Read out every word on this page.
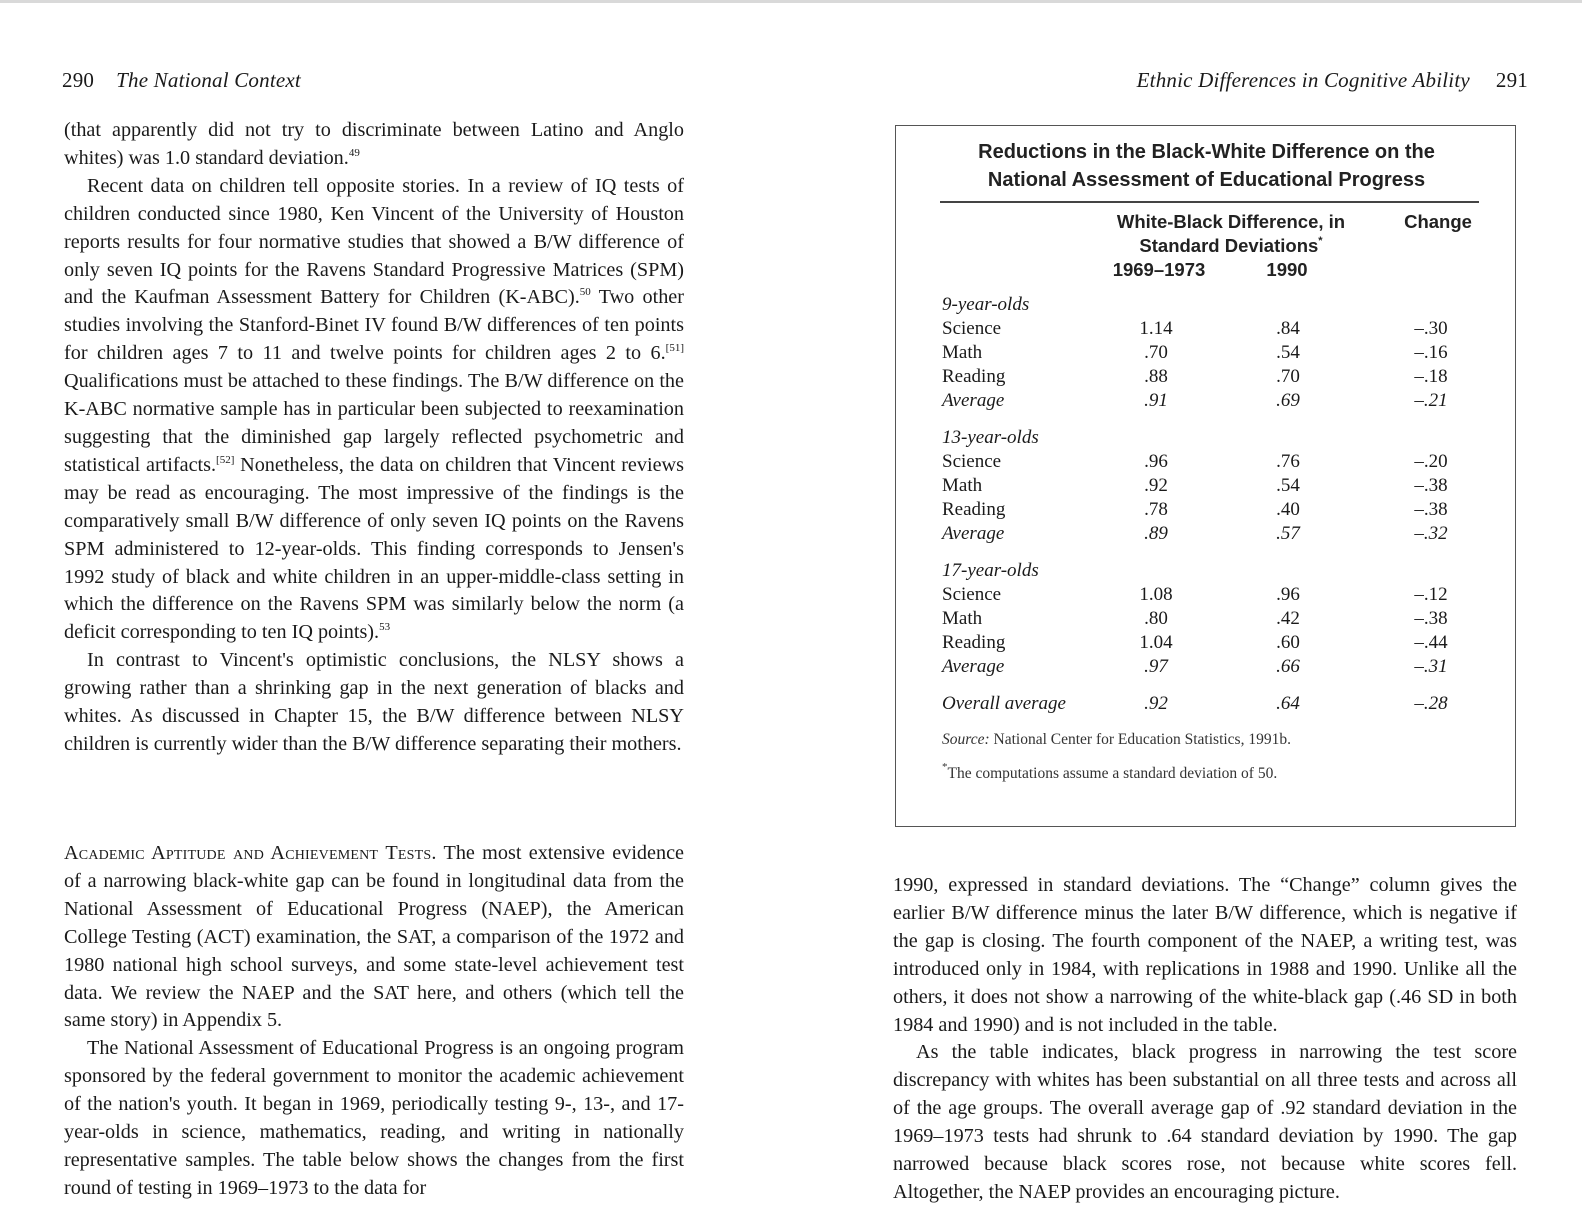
290 The National Context	Ethnic Differences in Cognitive Ability 291

(that apparently did not try to discriminate between Latino and Anglo whites) was 1.0 standard deviation.$^{49}$

Recent data on children tell opposite stories. In a review of IQ tests of children conducted since 1980, Ken Vincent of the University of Houston reports results for four normative studies that showed a B/W difference of only seven IQ points for the Ravens Standard Progressive Matrices (SPM) and the Kaufman Assessment Battery for Children (K-ABC).$^{50}$ Two other studies involving the Stanford-Binet IV found B/W differences of ten points for children ages 7 to 11 and twelve points for children ages 2 to 6.[51] Qualifications must be attached to these findings. The B/W difference on the K-ABC normative sample has in particular been subjected to reexamination suggesting that the diminished gap largely reflected psychometric and statistical artifacts.[52] Nonetheless, the data on children that Vincent reviews may be read as encouraging. The most impressive of the findings is the comparatively small B/W difference of only seven IQ points on the Ravens SPM administered to 12-year-olds. This finding corresponds to Jensen's 1992 study of black and white children in an upper-middle-class setting in which the difference on the Ravens SPM was similarly below the norm (a deficit corresponding to ten IQ points).$^{53}$

In contrast to Vincent's optimistic conclusions, the NLSY shows a growing rather than a shrinking gap in the next generation of blacks and whites. As discussed in Chapter 15, the B/W difference between NLSY children is currently wider than the B/W difference separating their mothers.

Academic Aptitude and Achievement Tests. The most extensive evidence of a narrowing black-white gap can be found in longitudinal data from the National Assessment of Educational Progress (NAEP), the American College Testing (ACT) examination, the SAT, a comparison of the 1972 and 1980 national high school surveys, and some state-level achievement test data. We review the NAEP and the SAT here, and others (which tell the same story) in Appendix 5.

The National Assessment of Educational Progress is an ongoing program sponsored by the federal government to monitor the academic achievement of the nation's youth. It began in 1969, periodically testing 9-, 13-, and 17-year-olds in science, mathematics, reading, and writing in nationally representative samples. The table below shows the changes from the first round of testing in 1969–1973 to the data for

Reductions in the Black-White Difference on the
National Assessment of Educational Progress
White-Black Difference, in
Standard Deviations*
Change
1969–1973	1990
9-year-olds
Science	1.14	.84	–.30
Math	.70	.54	–.16
Reading	.88	.70	–.18
Average	.91	.69	–.21
13-year-olds
Science	.96	.76	–.20
Math	.92	.54	–.38
Reading	.78	.40	–.38
Average	.89	.57	–.32
17-year-olds
Science	1.08	.96	–.12
Math	.80	.42	–.38
Reading	1.04	.60	–.44
Average	.97	.66	–.31
Overall average	.92	.64	–.28
Source: National Center for Education Statistics, 1991b.
*The computations assume a standard deviation of 50.

1990, expressed in standard deviations. The “Change” column gives the earlier B/W difference minus the later B/W difference, which is negative if the gap is closing. The fourth component of the NAEP, a writing test, was introduced only in 1984, with replications in 1988 and 1990. Unlike all the others, it does not show a narrowing of the white-black gap (.46 SD in both 1984 and 1990) and is not included in the table.

As the table indicates, black progress in narrowing the test score discrepancy with whites has been substantial on all three tests and across all of the age groups. The overall average gap of .92 standard deviation in the 1969–1973 tests had shrunk to .64 standard deviation by 1990. The gap narrowed because black scores rose, not because white scores fell. Altogether, the NAEP provides an encouraging picture.
